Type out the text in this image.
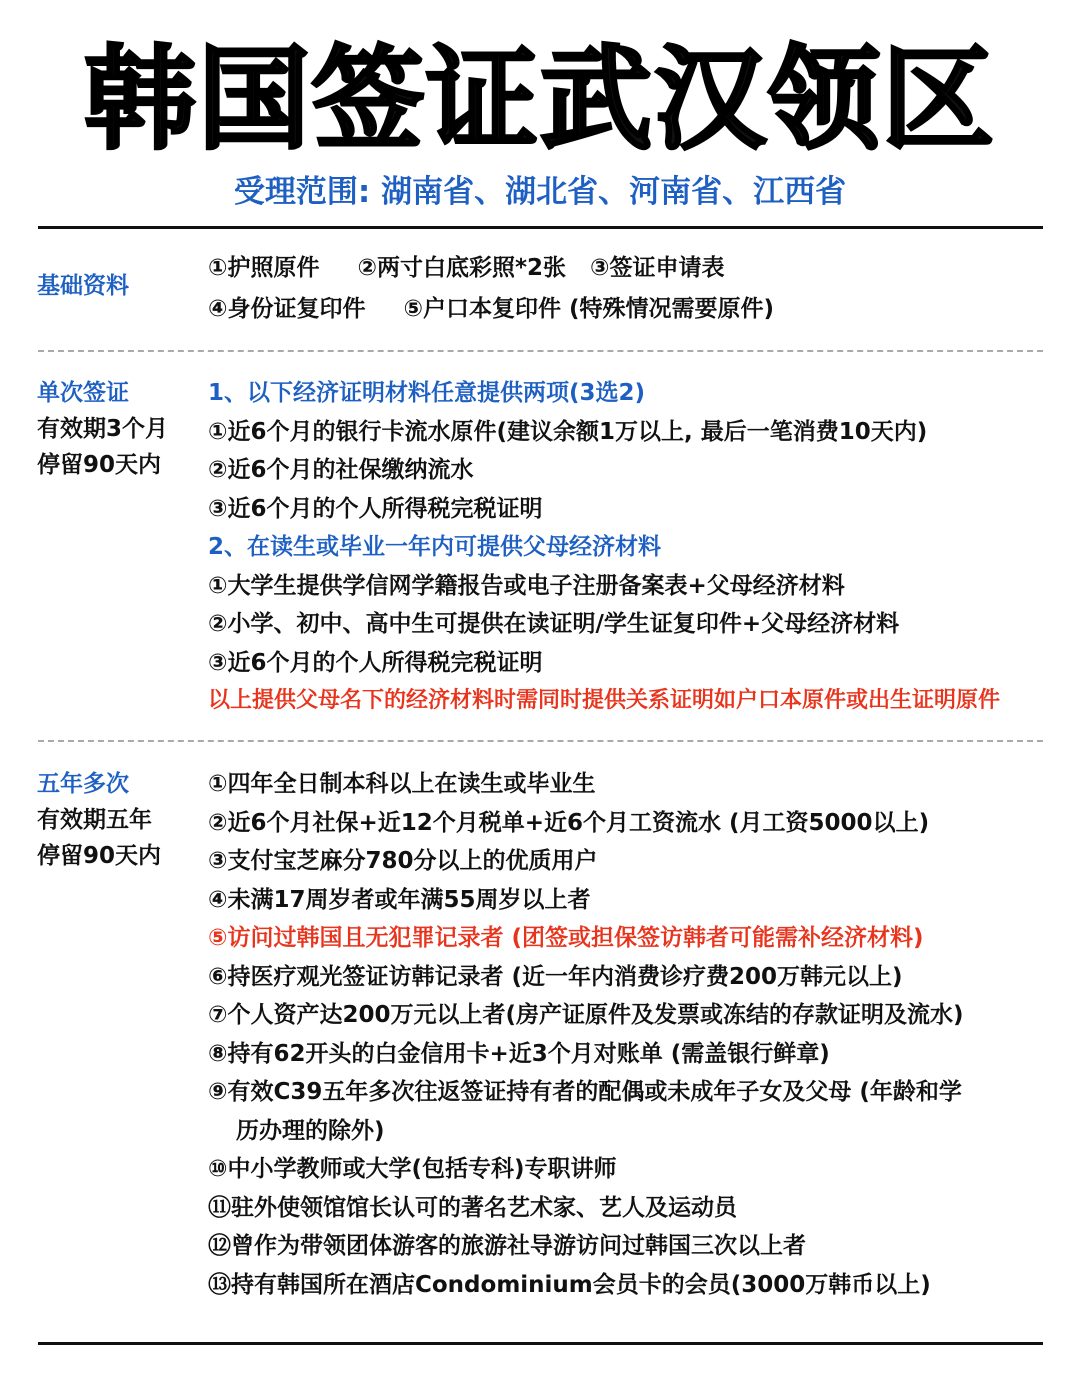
韩国签证武汉领区
受理范围: 湖南省、湖北省、河南省、江西省
基础资料
①护照原件 ②两寸白底彩照*2张 ③签证申请表
④身份证复印件 ⑤户口本复印件 (特殊情况需要原件)
单次签证
有效期3个月
停留90天内
1、以下经济证明材料任意提供两项(3选2)
①近6个月的银行卡流水原件(建议余额1万以上, 最后一笔消费10天内)
②近6个月的社保缴纳流水
③近6个月的个人所得税完税证明
2、在读生或毕业一年内可提供父母经济材料
①大学生提供学信网学籍报告或电子注册备案表+父母经济材料
②小学、初中、高中生可提供在读证明/学生证复印件+父母经济材料
③近6个月的个人所得税完税证明
以上提供父母名下的经济材料时需同时提供关系证明如户口本原件或出生证明原件
五年多次
有效期五年
停留90天内
①四年全日制本科以上在读生或毕业生
②近6个月社保+近12个月税单+近6个月工资流水 (月工资5000以上)
③支付宝芝麻分780分以上的优质用户
④未满17周岁者或年满55周岁以上者
⑤访问过韩国且无犯罪记录者 (团签或担保签访韩者可能需补经济材料)
⑥持医疗观光签证访韩记录者 (近一年内消费诊疗费200万韩元以上)
⑦个人资产达200万元以上者(房产证原件及发票或冻结的存款证明及流水)
⑧持有62开头的白金信用卡+近3个月对账单 (需盖银行鲜章)
⑨有效C39五年多次往返签证持有者的配偶或未成年子女及父母 (年龄和学
历办理的除外)
⑩中小学教师或大学(包括专科)专职讲师
⑪驻外使领馆馆长认可的著名艺术家、艺人及运动员
⑫曾作为带领团体游客的旅游社导游访问过韩国三次以上者
⑬持有韩国所在酒店Condominium会员卡的会员(3000万韩币以上)
